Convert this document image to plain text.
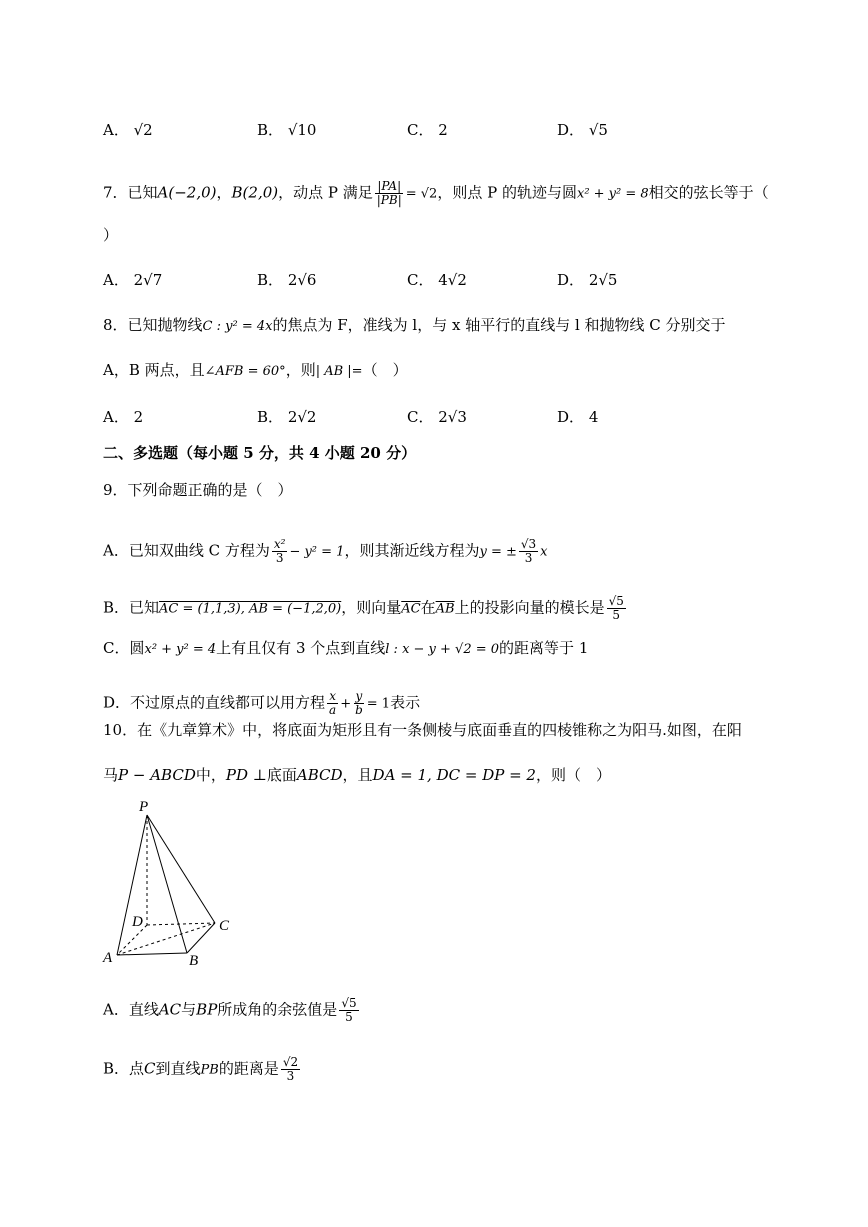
A． √2	B． √10	C． 2	D． √5
7．已知A(−2,0)，B(2,0)，动点 P 满足 $\frac{|PA|}{|PB|} = √2$，则点 P 的轨迹与圆x² + y² = 8相交的弦长等于（
）
A． 2√7	B． 2√6	C． 4√2	D． 2√5
8．已知抛物线C : y² = 4x的焦点为 F，准线为 l，与 x 轴平行的直线与 l 和抛物线 C 分别交于
A，B 两点，且∠AFB = 60°，则| AB |=（　）
A． 2	B． 2√2	C． 2√3	D． 4
二、多选题（每小题 5 分，共 4 小题 20 分）
9．下列命题正确的是（　）
A．已知双曲线 C 方程为 $\frac{\text{x²}}{3} - y^2 = 1$，则其渐近线方程为y = ± $\frac{√3}{3}$ x
B．已知AC = (1,1,3), AB = (−1,2,0)，则向量$\overline{AC}$在$\overline{AB}$上的投影向量的模长是 $\frac{√5}{5}$
C．圆x² + y² = 4上有且仅有 3 个点到直线l : x − y + √2 = 0的距离等于 1
D．不过原点的直线都可以用方程 $\frac{x}{a} + \frac{y}{b} = 1$表示
10．在《九章算术》中，将底面为矩形且有一条侧棱与底面垂直的四棱锥称之为阳马.如图，在阳
马P − ABCD中，PD ⊥底面ABCD，且DA = 1, DC = DP = 2，则（　）
P
D	C
A	B
A．直线AC与BP所成角的余弦值是 $\frac{√5}{5}$
B．点C到直线PB的距离是 $\frac{√2}{3}$
